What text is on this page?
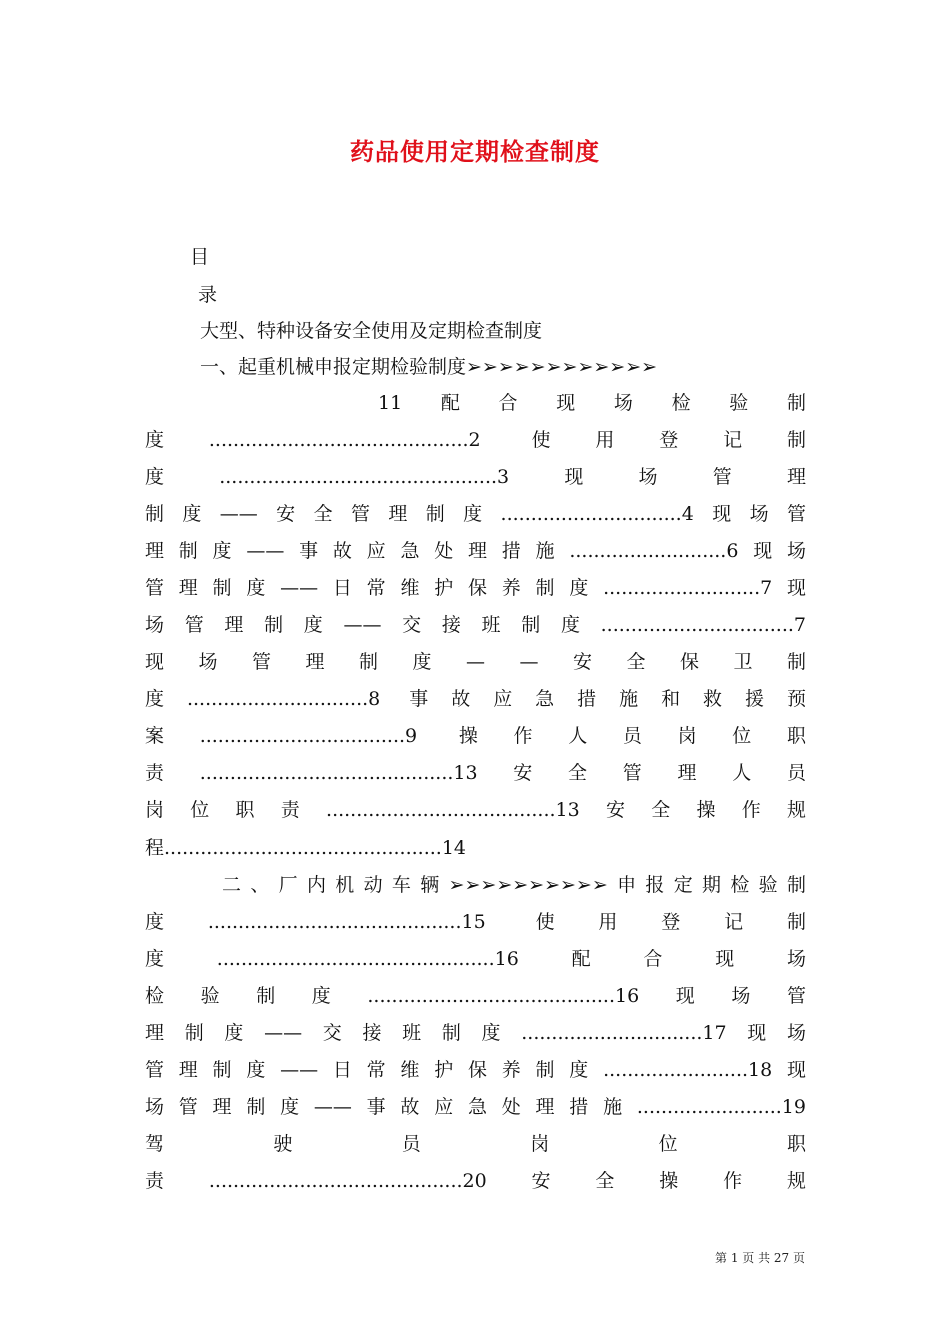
药品使用定期检查制度
目
录
大型、特种设备安全使用及定期检查制度
一、起重机械申报定期检验制度➢➢➢➢➢➢➢➢➢➢➢➢
11　 配　 合　 现　 场　 检　 验　 制
度...........................................2 使用登记制
度..............................................3现场管理
制度——安全管理制度..............................4现场管
理制度——事故应急处理措施..........................6现场
管理制度——日常维护保养制度..........................7现
场管理制度——交接班制度................................7
现　场　管　理　制　度　—　—　安　全　保　卫　制
度..............................8 事故应急措施和救援预
案..................................9 操作人员岗位职
责..........................................13安全管理人员
岗位职责......................................13安全操作规
程..............................................14
二、厂内机动车辆➢➢➢➢➢➢➢➢➢➢申报定期检验制
度..........................................15 使用登记制
度..............................................16配合现场
检验制度.........................................16现场管
理制度——交接班制度..............................17现场
管理制度——日常维护保养制度........................18现
场管理制度——事故应急处理措施........................19
驾　　驶　　员　　岗　　位　　职
责..........................................20安全操作规
第 1 页 共 27 页
